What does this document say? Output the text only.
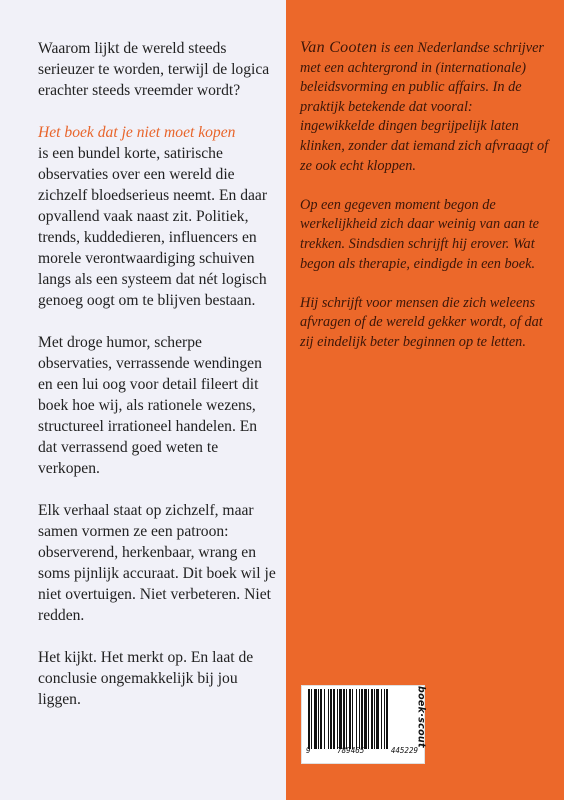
Waarom lijkt de wereld steeds serieuzer te worden, terwijl de logica erachter steeds vreemder wordt?

Het boek dat je niet moet kopen
is een bundel korte, satirische observaties over een wereld die zichzelf bloedserieus neemt. En daar opvallend vaak naast zit. Politiek, trends, kuddedieren, influencers en morele verontwaardiging schuiven langs als een systeem dat nét logisch genoeg oogt om te blijven bestaan.

Met droge humor, scherpe observaties, verrassende wendingen en een lui oog voor detail fileert dit boek hoe wij, als rationele wezens, structureel irrationeel handelen. En dat verrassend goed weten te verkopen.

Elk verhaal staat op zichzelf, maar samen vormen ze een patroon: observerend, herkenbaar, wrang en soms pijnlijk accuraat. Dit boek wil je niet overtuigen. Niet verbeteren. Niet redden.

Het kijkt. Het merkt op. En laat de conclusie ongemakkelijk bij jou liggen.

Van Cooten is een Nederlandse schrijver met een achtergrond in (internationale) beleidsvorming en public affairs. In de praktijk betekende dat vooral: ingewikkelde dingen begrijpelijk laten klinken, zonder dat iemand zich afvraagt of ze ook echt kloppen.

Op een gegeven moment begon de werkelijkheid zich daar weinig van aan te trekken. Sindsdien schrijft hij erover. Wat begon als therapie, eindigde in een boek.

Hij schrijft voor mensen die zich weleens afvragen of de wereld gekker wordt, of dat zij eindelijk beter beginnen op te letten.

9	789465	445229
boek·scout
